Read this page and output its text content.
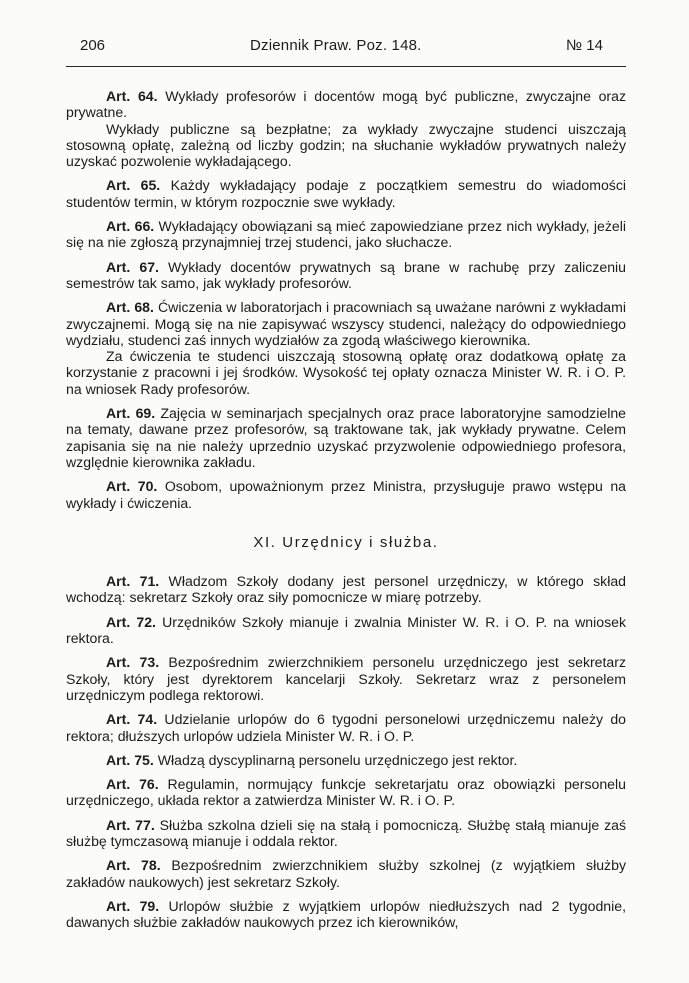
206	Dziennik Praw. Poz. 148.	№ 14

Art. 64. Wykłady profesorów i docentów mogą być publiczne, zwyczajne oraz prywatne.

Wykłady publiczne są bezpłatne; za wykłady zwyczajne studenci uiszczają stosowną opłatę, zależną od liczby godzin; na słuchanie wykładów prywatnych należy uzyskać pozwolenie wykładającego.

Art. 65. Każdy wykładający podaje z początkiem semestru do wiadomości studentów termin, w którym rozpocznie swe wykłady.

Art. 66. Wykładający obowiązani są mieć zapowiedziane przez nich wykłady, jeżeli się na nie zgłoszą przynajmniej trzej studenci, jako słuchacze.

Art. 67. Wykłady docentów prywatnych są brane w rachubę przy zaliczeniu semestrów tak samo, jak wykłady profesorów.

Art. 68. Ćwiczenia w laboratorjach i pracowniach są uważane narówni z wykładami zwyczajnemi. Mogą się na nie zapisywać wszyscy studenci, należący do odpowiedniego wydziału, studenci zaś innych wydziałów za zgodą właściwego kierownika.

Za ćwiczenia te studenci uiszczają stosowną opłatę oraz dodatkową opłatę za korzystanie z pracowni i jej środków. Wysokość tej opłaty oznacza Minister W. R. i O. P. na wniosek Rady profesorów.

Art. 69. Zajęcia w seminarjach specjalnych oraz prace laboratoryjne samodzielne na tematy, dawane przez profesorów, są traktowane tak, jak wykłady prywatne. Celem zapisania się na nie należy uprzednio uzyskać przyzwolenie odpowiedniego profesora, względnie kierownika zakładu.

Art. 70. Osobom, upoważnionym przez Ministra, przysługuje prawo wstępu na wykłady i ćwiczenia.

XI. Urzędnicy i służba.

Art. 71. Władzom Szkoły dodany jest personel urzędniczy, w którego skład wchodzą: sekretarz Szkoły oraz siły pomocnicze w miarę potrzeby.

Art. 72. Urzędników Szkoły mianuje i zwalnia Minister W. R. i O. P. na wniosek rektora.

Art. 73. Bezpośrednim zwierzchnikiem personelu urzędniczego jest sekretarz Szkoły, który jest dyrektorem kancelarji Szkoły. Sekretarz wraz z personelem urzędniczym podlega rektorowi.

Art. 74. Udzielanie urlopów do 6 tygodni personelowi urzędniczemu należy do rektora; dłuższych urlopów udziela Minister W. R. i O. P.

Art. 75. Władzą dyscyplinarną personelu urzędniczego jest rektor.

Art. 76. Regulamin, normujący funkcje sekretarjatu oraz obowiązki personelu urzędniczego, układa rektor a zatwierdza Minister W. R. i O. P.

Art. 77. Służba szkolna dzieli się na stałą i pomocniczą. Służbę stałą mianuje zaś służbę tymczasową mianuje i oddala rektor.

Art. 78. Bezpośrednim zwierzchnikiem służby szkolnej (z wyjątkiem służby zakładów naukowych) jest sekretarz Szkoły.

Art. 79. Urlopów służbie z wyjątkiem urlopów niedłuższych nad 2 tygodnie, dawanych służbie zakładów naukowych przez ich kierowników,
